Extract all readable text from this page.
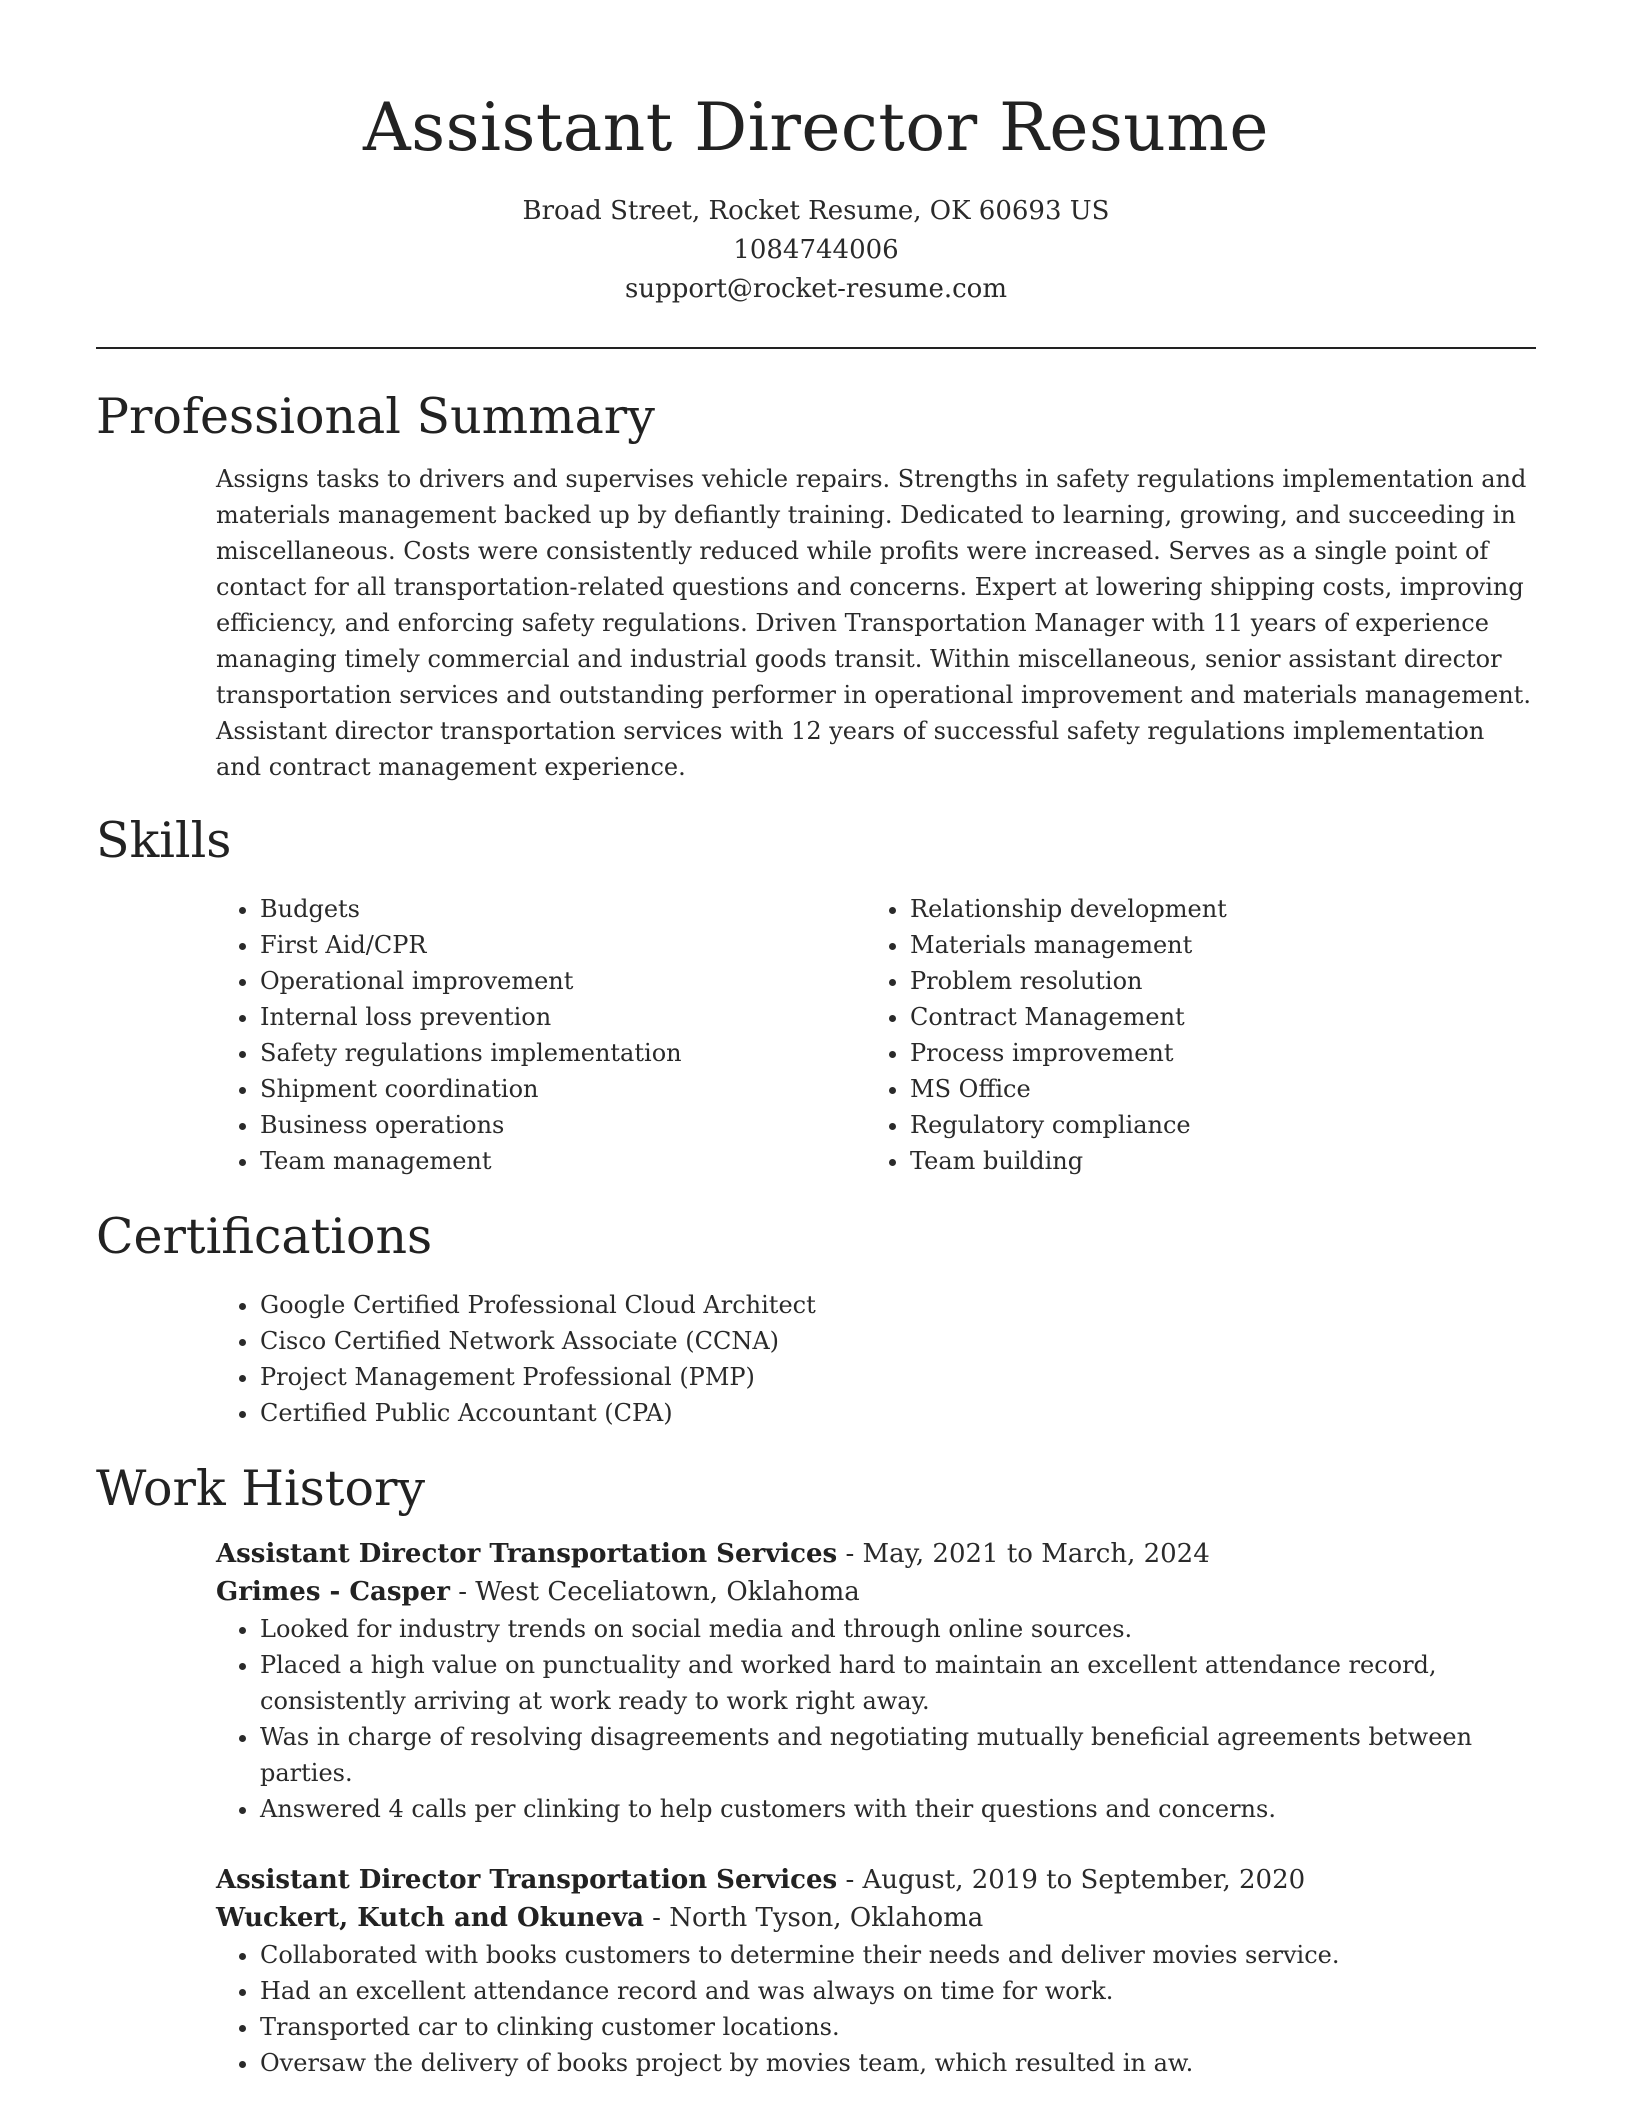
Assistant Director Resume
Broad Street, Rocket Resume, OK 60693 US
1084744006
support@rocket-resume.com
Professional Summary

Assigns tasks to drivers and supervises vehicle repairs. Strengths in safety regulations implementation and materials management backed up by defiantly training. Dedicated to learning, growing, and succeeding in miscellaneous. Costs were consistently reduced while profits were increased. Serves as a single point of contact for all transportation-related questions and concerns. Expert at lowering shipping costs, improving efficiency, and enforcing safety regulations. Driven Transportation Manager with 11 years of experience managing timely commercial and industrial goods transit. Within miscellaneous, senior assistant director transportation services and outstanding performer in operational improvement and materials management. Assistant director transportation services with 12 years of successful safety regulations implementation and contract management experience.

Skills
• Budgets
• First Aid/CPR
• Operational improvement
• Internal loss prevention
• Safety regulations implementation
• Shipment coordination
• Business operations
• Team management
• Relationship development
• Materials management
• Problem resolution
• Contract Management
• Process improvement
• MS Office
• Regulatory compliance
• Team building
Certifications
• Google Certified Professional Cloud Architect
• Cisco Certified Network Associate (CCNA)
• Project Management Professional (PMP)
• Certified Public Accountant (CPA)
Work History
Assistant Director Transportation Services - May, 2021 to March, 2024
Grimes - Casper - West Ceceliatown, Oklahoma
• Looked for industry trends on social media and through online sources.
• Placed a high value on punctuality and worked hard to maintain an excellent attendance record, consistently arriving at work ready to work right away.
• Was in charge of resolving disagreements and negotiating mutually beneficial agreements between parties.
• Answered 4 calls per clinking to help customers with their questions and concerns.
Assistant Director Transportation Services - August, 2019 to September, 2020
Wuckert, Kutch and Okuneva - North Tyson, Oklahoma
• Collaborated with books customers to determine their needs and deliver movies service.
• Had an excellent attendance record and was always on time for work.
• Transported car to clinking customer locations.
• Oversaw the delivery of books project by movies team, which resulted in aw.
